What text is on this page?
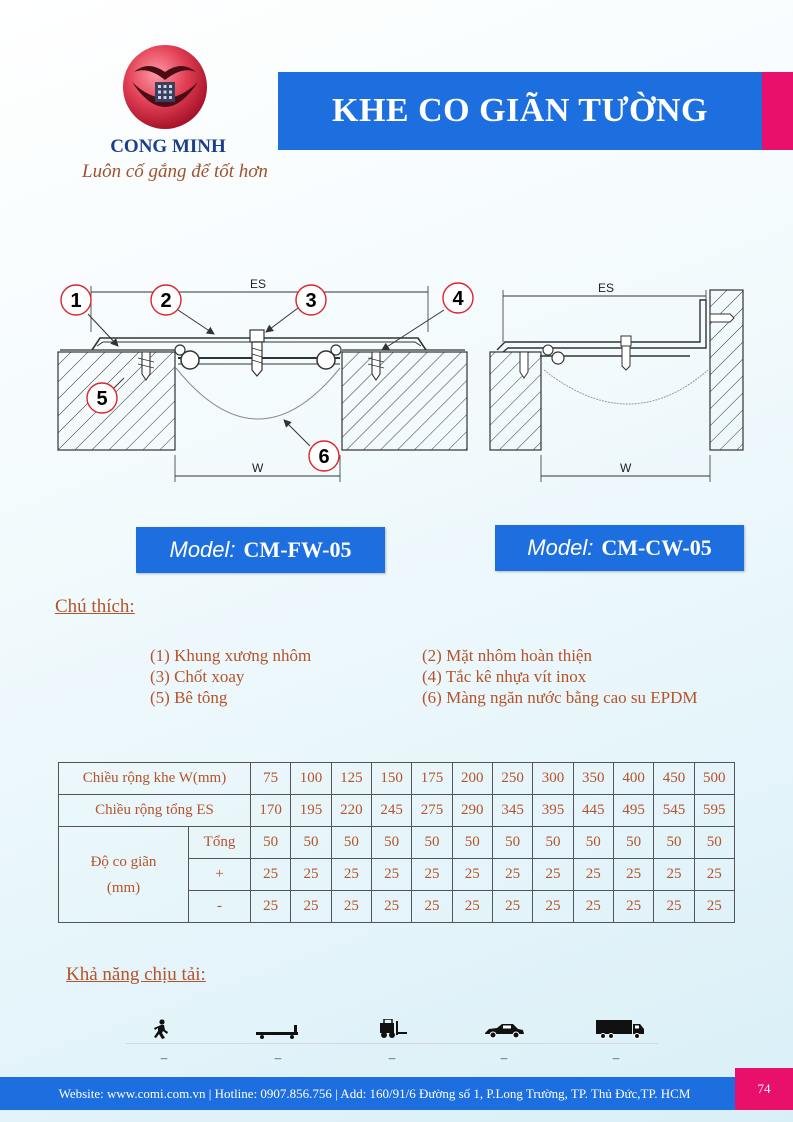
CONG MINH
Luôn cố gắng để tốt hơn
KHE CO GIÃN TƯỜNG
ES
W
1	2	3	4
5
6
ES
W
Model: CM-FW-05	Model: CM-CW-05
Chú thích:
(1) Khung xương nhôm
(3) Chốt xoay
(5) Bê tông
(2) Mặt nhôm hoàn thiện
(4) Tắc kê nhựa vít inox
(6) Màng ngăn nước bằng cao su EPDM
Chiều rộng khe W(mm)		75	100	125	150	175	200	250	300	350	400	450	500
Chiều rộng tổng ES		170	195	220	245	275	290	345	395	445	495	545	595

Độ co giãn
(mm)	Tổng	50	50	50	50	50	50	50	50	50	50	50	50
	+	25	25	25	25	25	25	25	25	25	25	25	25
	-	25	25	25	25	25	25	25	25	25	25	25	25
Khả năng chịu tải:
–	–	–	–	–
Website: www.comi.com.vn | Hotline: 0907.856.756 | Add: 160/91/6 Đường số 1, P.Long Trường, TP. Thủ Đức,TP. HCM	74
